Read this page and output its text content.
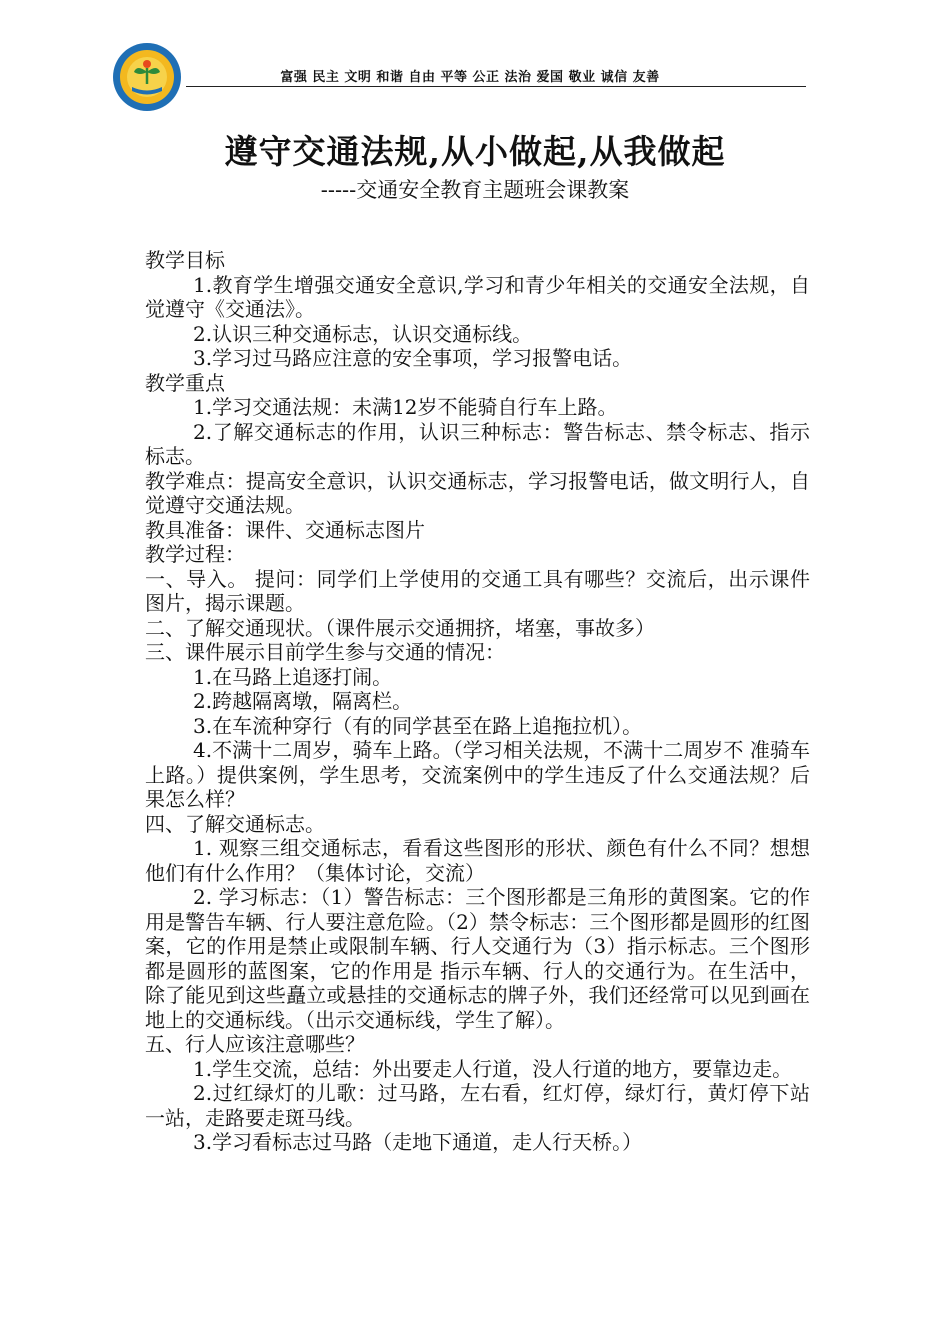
富强 民主 文明 和谐 自由 平等 公正 法治 爱国 敬业 诚信 友善
遵守交通法规,从小做起,从我做起
-----交通安全教育主题班会课教案

教学目标

1.教育学生增强交通安全意识,学习和青少年相关的交通安全法规，自觉遵守《交通法》。

2.认识三种交通标志，认识交通标线。

3.学习过马路应注意的安全事项，学习报警电话。

教学重点

1.学习交通法规：未满12岁不能骑自行车上路。

2.了解交通标志的作用，认识三种标志：警告标志、禁令标志、指示标志。

教学难点：提高安全意识，认识交通标志，学习报警电话，做文明行人，自觉遵守交通法规。

教具准备：课件、交通标志图片

教学过程：

一、导入。 提问：同学们上学使用的交通工具有哪些？交流后，出示课件图片，揭示课题。

二、了解交通现状。（课件展示交通拥挤，堵塞，事故多）

三、课件展示目前学生参与交通的情况：

1.在马路上追逐打闹。

2.跨越隔离墩，隔离栏。

3.在车流种穿行（有的同学甚至在路上追拖拉机）。

4.不满十二周岁，骑车上路。（学习相关法规，不满十二周岁不 准骑车上路。）提供案例，学生思考，交流案例中的学生违反了什么交通法规？后果怎么样？

四、了解交通标志。

1. 观察三组交通标志，看看这些图形的形状、颜色有什么不同？想想他们有什么作用？（集体讨论，交流）

2. 学习标志：（1）警告标志：三个图形都是三角形的黄图案。它的作用是警告车辆、行人要注意危险。（2）禁令标志：三个图形都是圆形的红图案，它的作用是禁止或限制车辆、行人交通行为（3）指示标志。三个图形都是圆形的蓝图案，它的作用是 指示车辆、行人的交通行为。在生活中，除了能见到这些矗立或悬挂的交通标志的牌子外，我们还经常可以见到画在地上的交通标线。（出示交通标线，学生了解）。

五、行人应该注意哪些？

1.学生交流，总结：外出要走人行道，没人行道的地方，要靠边走。

2.过红绿灯的儿歌：过马路，左右看，红灯停，绿灯行，黄灯停下站一站，走路要走斑马线。

3.学习看标志过马路（走地下通道，走人行天桥。）
